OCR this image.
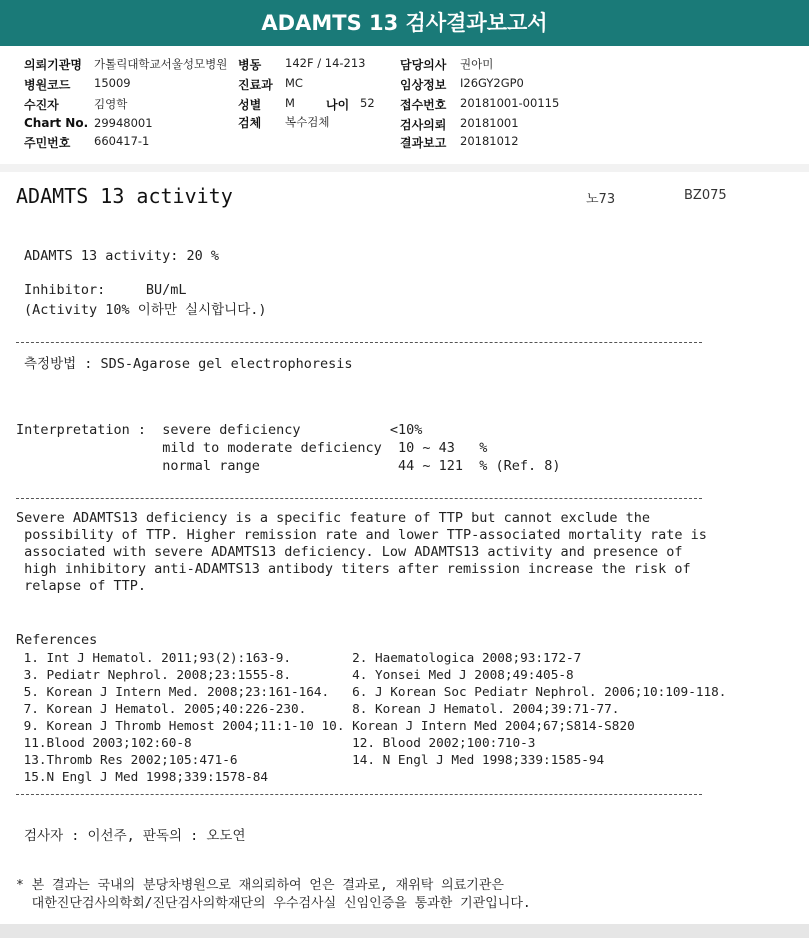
ADAMTS 13 검사결과보고서
의뢰기관명 가톨릭대학교서울성모병원 병동 142F / 14-213	담당의사 권아미
병원코드 15009	진료과 MC	임상정보 I26GY2GP0
수진자	김영학	성별 M	나이 52 접수번호 20181001-00115
Chart No. 29948001	검체 복수검체	검사의뢰 20181001
주민번호 660417-1	결과보고 20181012
ADAMTS 13 activity	노73	BZ075
ADAMTS 13 activity: 20 %
Inhibitor:     BU/mL
(Activity 10% 이하만 실시합니다.)
측정방법 : SDS-Agarose gel electrophoresis
Interpretation :  severe deficiency           <10%
mild to moderate deficiency  10 ~ 43   %
normal range                 44 ~ 121  % (Ref. 8)
Severe ADAMTS13 deficiency is a specific feature of TTP but cannot exclude the
possibility of TTP. Higher remission rate and lower TTP-associated mortality rate is
associated with severe ADAMTS13 deficiency. Low ADAMTS13 activity and presence of
high inhibitory anti-ADAMTS13 antibody titers after remission increase the risk of
relapse of TTP.
References
1. Int J Hematol. 2011;93(2):163-9.        2. Haematologica 2008;93:172-7
3. Pediatr Nephrol. 2008;23:1555-8.        4. Yonsei Med J 2008;49:405-8
5. Korean J Intern Med. 2008;23:161-164.   6. J Korean Soc Pediatr Nephrol. 2006;10:109-118.
7. Korean J Hematol. 2005;40:226-230.      8. Korean J Hematol. 2004;39:71-77.
9. Korean J Thromb Hemost 2004;11:1-10 10. Korean J Intern Med 2004;67;S814-S820
11.Blood 2003;102:60-8                     12. Blood 2002;100:710-3
13.Thromb Res 2002;105:471-6               14. N Engl J Med 1998;339:1585-94
15.N Engl J Med 1998;339:1578-84
검사자 : 이선주, 판독의 : 오도연
* 본 결과는 국내의 분당차병원으로 재의뢰하여 얻은 결과로, 재위탁 의료기관은
대한진단검사의학회/진단검사의학재단의 우수검사실 신임인증을 통과한 기관입니다.
